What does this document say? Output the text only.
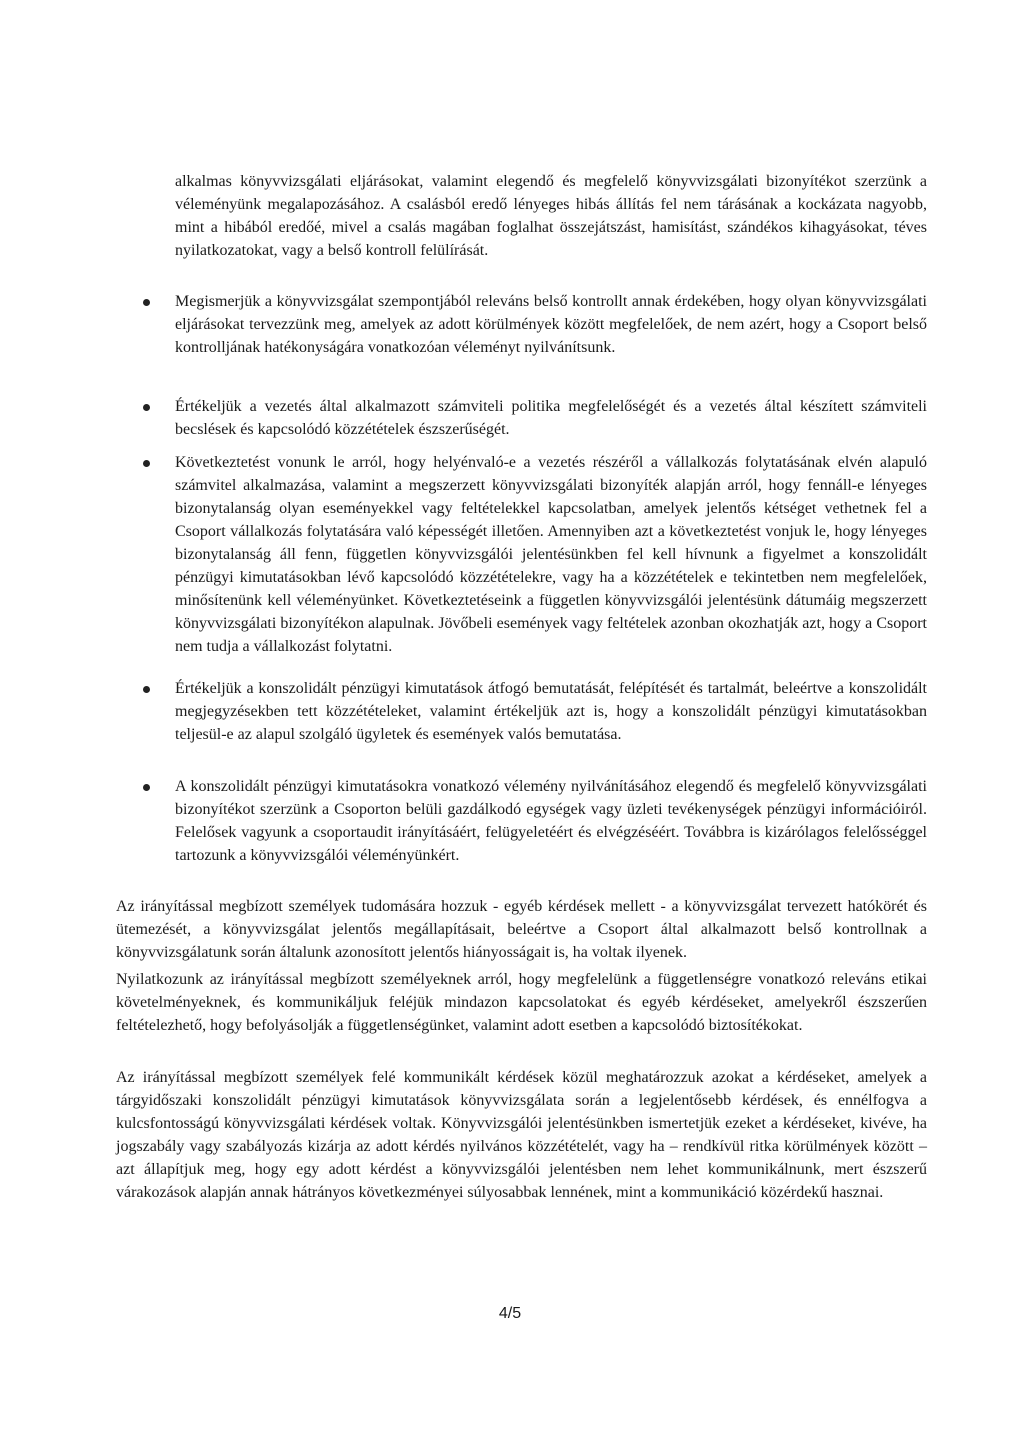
alkalmas könyvvizsgálati eljárásokat, valamint elegendő és megfelelő könyvvizsgálati bizonyítékot szerzünk a véleményünk megalapozásához. A csalásból eredő lényeges hibás állítás fel nem tárásának a kockázata nagyobb, mint a hibából eredőé, mivel a csalás magában foglalhat összejátszást, hamisítást, szándékos kihagyásokat, téves nyilatkozatokat, vagy a belső kontroll felülírását.

Megismerjük a könyvvizsgálat szempontjából releváns belső kontrollt annak érdekében, hogy olyan könyvvizsgálati eljárásokat tervezzünk meg, amelyek az adott körülmények között megfelelőek, de nem azért, hogy a Csoport belső kontrolljának hatékonyságára vonatkozóan véleményt nyilvánítsunk.

Értékeljük a vezetés által alkalmazott számviteli politika megfelelőségét és a vezetés által készített számviteli becslések és kapcsolódó közzétételek észszerűségét.

Következtetést vonunk le arról, hogy helyénvaló-e a vezetés részéről a vállalkozás folytatásának elvén alapuló számvitel alkalmazása, valamint a megszerzett könyvvizsgálati bizonyíték alapján arról, hogy fennáll-e lényeges bizonytalanság olyan eseményekkel vagy feltételekkel kapcsolatban, amelyek jelentős kétséget vethetnek fel a Csoport vállalkozás folytatására való képességét illetően. Amennyiben azt a következtetést vonjuk le, hogy lényeges bizonytalanság áll fenn, független könyvvizsgálói jelentésünkben fel kell hívnunk a figyelmet a konszolidált pénzügyi kimutatásokban lévő kapcsolódó közzétételekre, vagy ha a közzétételek e tekintetben nem megfelelőek, minősítenünk kell véleményünket. Következtetéseink a független könyvvizsgálói jelentésünk dátumáig megszerzett könyvvizsgálati bizonyítékon alapulnak. Jövőbeli események vagy feltételek azonban okozhatják azt, hogy a Csoport nem tudja a vállalkozást folytatni.

Értékeljük a konszolidált pénzügyi kimutatások átfogó bemutatását, felépítését és tartalmát, beleértve a konszolidált megjegyzésekben tett közzétételeket, valamint értékeljük azt is, hogy a konszolidált pénzügyi kimutatásokban teljesül-e az alapul szolgáló ügyletek és események valós bemutatása.

A konszolidált pénzügyi kimutatásokra vonatkozó vélemény nyilvánításához elegendő és megfelelő könyvvizsgálati bizonyítékot szerzünk a Csoporton belüli gazdálkodó egységek vagy üzleti tevékenységek pénzügyi információiról. Felelősek vagyunk a csoportaudit irányításáért, felügyeletéért és elvégzéséért. Továbbra is kizárólagos felelősséggel tartozunk a könyvvizsgálói véleményünkért.

Az irányítással megbízott személyek tudomására hozzuk - egyéb kérdések mellett - a könyvvizsgálat tervezett hatókörét és ütemezését, a könyvvizsgálat jelentős megállapításait, beleértve a Csoport által alkalmazott belső kontrollnak a könyvvizsgálatunk során általunk azonosított jelentős hiányosságait is, ha voltak ilyenek.

Nyilatkozunk az irányítással megbízott személyeknek arról, hogy megfelelünk a függetlenségre vonatkozó releváns etikai követelményeknek, és kommunikáljuk feléjük mindazon kapcsolatokat és egyéb kérdéseket, amelyekről észszerűen feltételezhető, hogy befolyásolják a függetlenségünket, valamint adott esetben a kapcsolódó biztosítékokat.

Az irányítással megbízott személyek felé kommunikált kérdések közül meghatározzuk azokat a kérdéseket, amelyek a tárgyidőszaki konszolidált pénzügyi kimutatások könyvvizsgálata során a legjelentősebb kérdések, és ennélfogva a kulcsfontosságú könyvvizsgálati kérdések voltak. Könyvvizsgálói jelentésünkben ismertetjük ezeket a kérdéseket, kivéve, ha jogszabály vagy szabályozás kizárja az adott kérdés nyilvános közzétételét, vagy ha – rendkívül ritka körülmények között – azt állapítjuk meg, hogy egy adott kérdést a könyvvizsgálói jelentésben nem lehet kommunikálnunk, mert észszerű várakozások alapján annak hátrányos következményei súlyosabbak lennének, mint a kommunikáció közérdekű hasznai.

4/5
